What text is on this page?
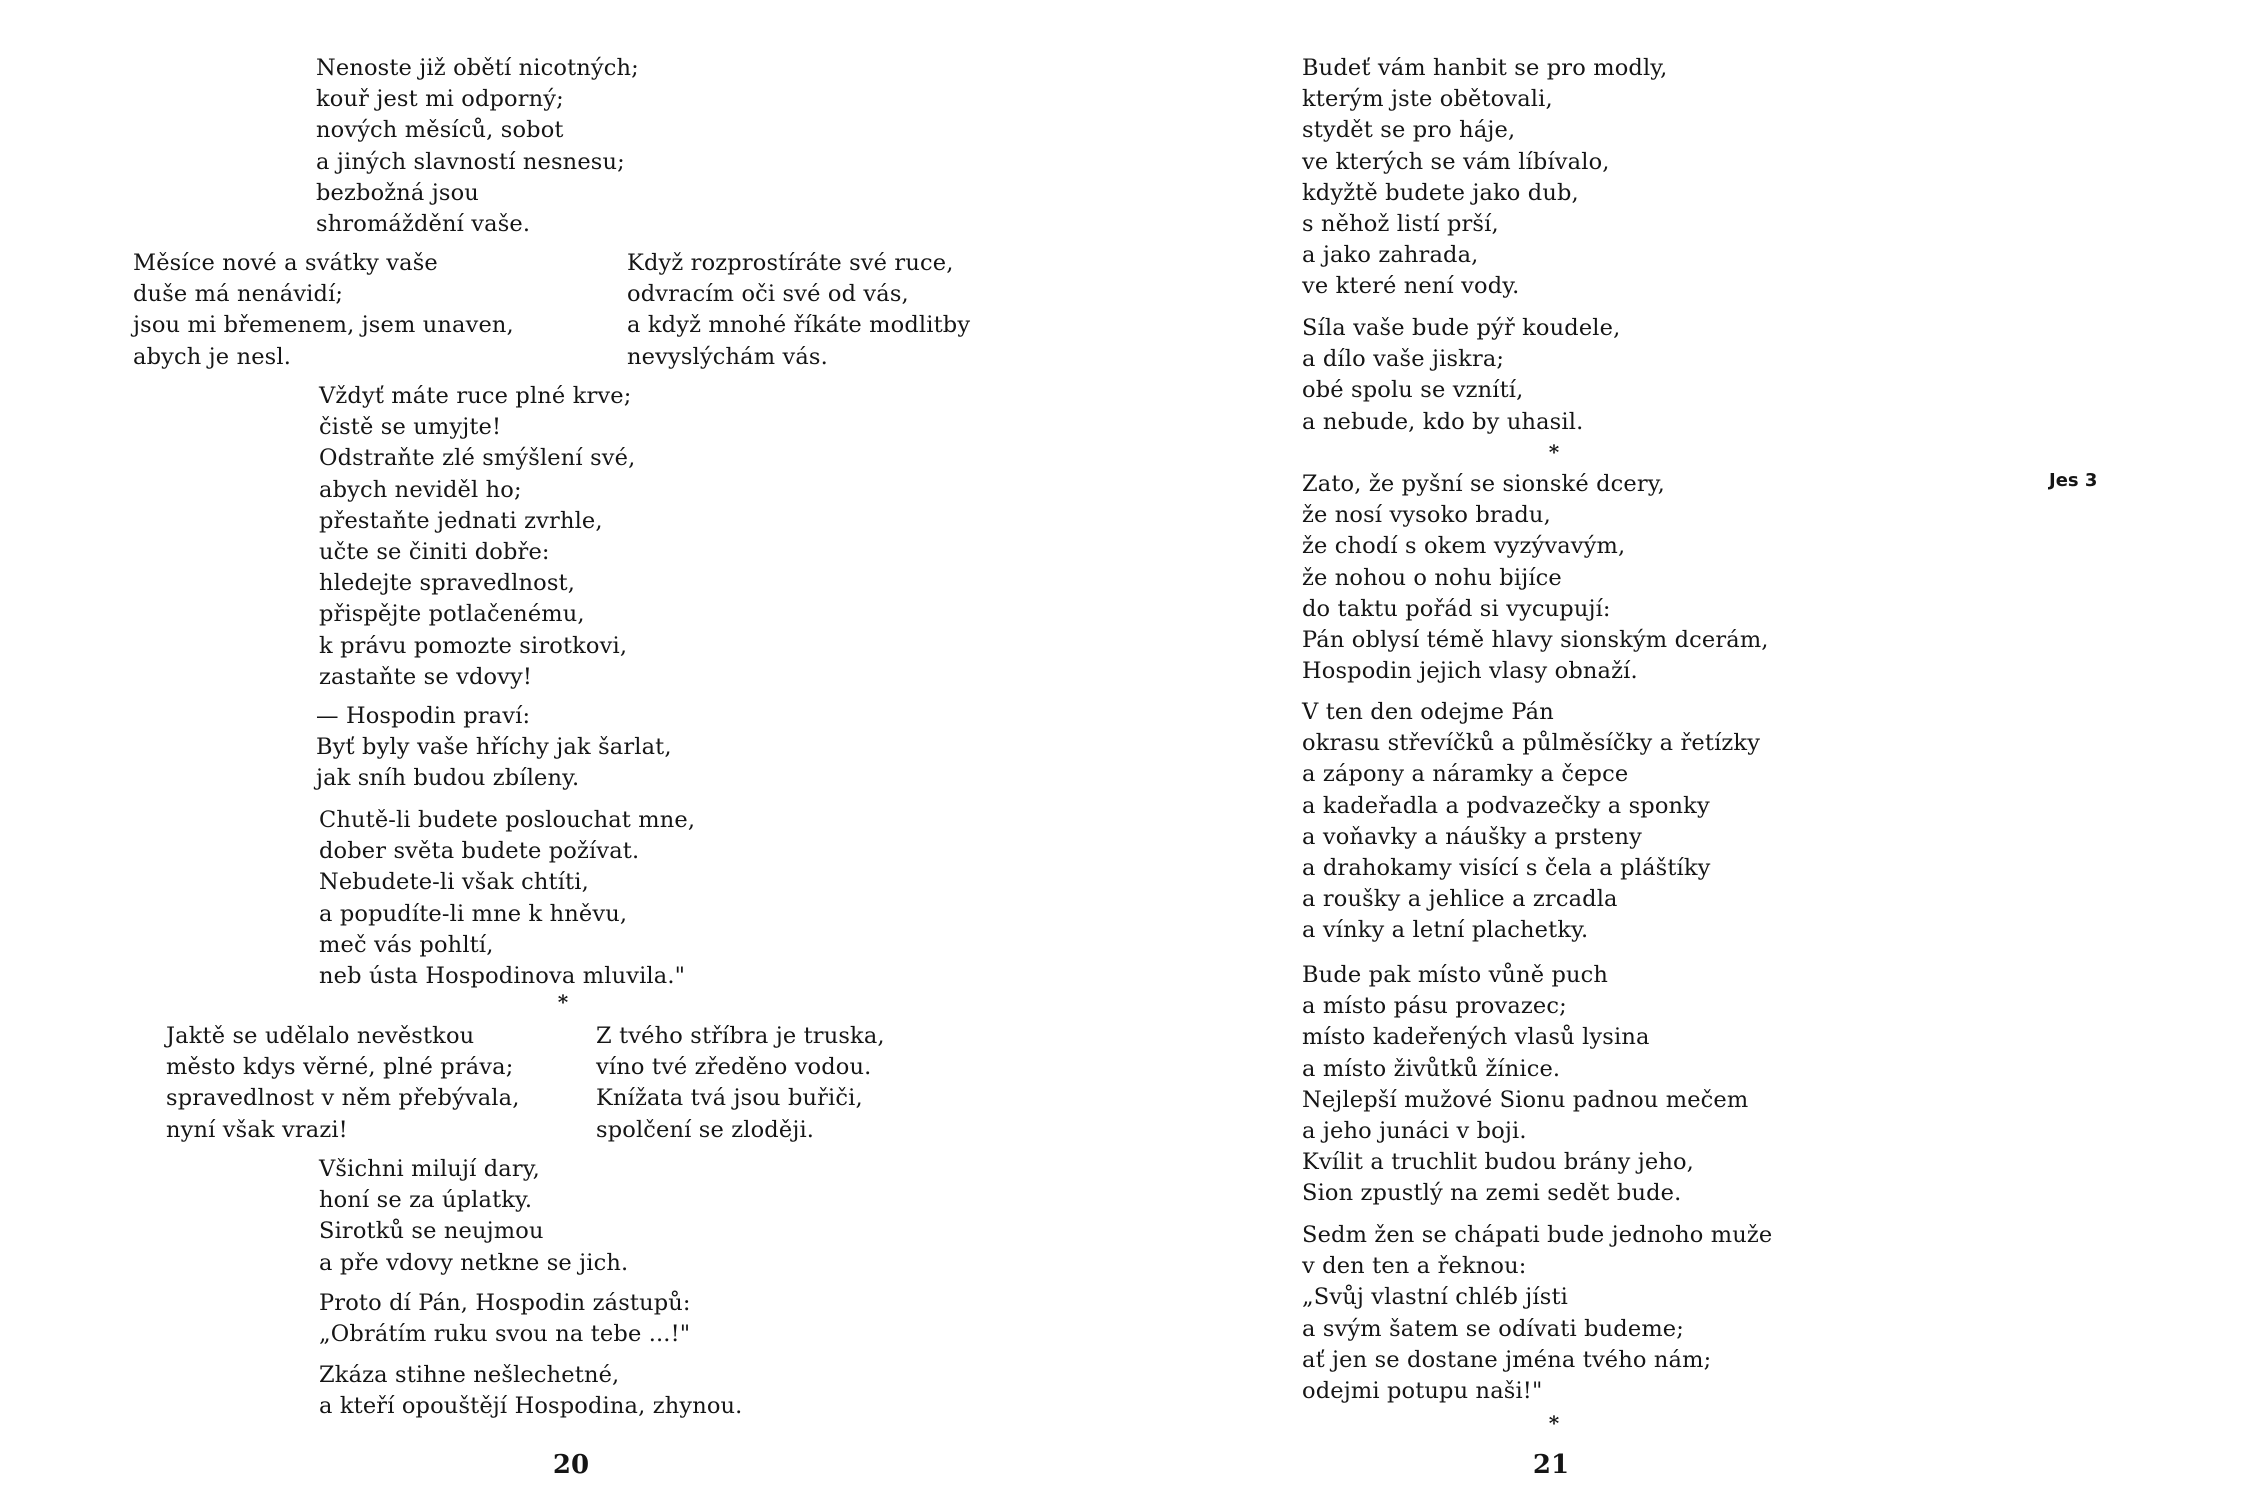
Nenoste již obětí nicotných;
kouř jest mi odporný;
nových měsíců, sobot
a jiných slavností nesnesu;
bezbožná jsou
shromáždění vaše.
Měsíce nové a svátky vaše
duše má nenávidí;
jsou mi břemenem, jsem unaven,
abych je nesl.
Když rozprostíráte své ruce,
odvracím oči své od vás,
a když mnohé říkáte modlitby
nevyslýchám vás.
Vždyť máte ruce plné krve;
čistě se umyjte!
Odstraňte zlé smýšlení své,
abych neviděl ho;
přestaňte jednati zvrhle,
učte se činiti dobře:
hledejte spravedlnost,
přispějte potlačenému,
k právu pomozte sirotkovi,
zastaňte se vdovy!
— Hospodin praví:
Byť byly vaše hříchy jak šarlat,
jak sníh budou zbíleny.
Chutě-li budete poslouchat mne,
dober světa budete požívat.
Nebudete-li však chtíti,
a popudíte-li mne k hněvu,
meč vás pohltí,
neb ústa Hospodinova mluvila."
*
Jaktě se udělalo nevěstkou
město kdys věrné, plné práva;
spravedlnost v něm přebývala,
nyní však vrazi!
Z tvého stříbra je truska,
víno tvé zředěno vodou.
Knížata tvá jsou buřiči,
spolčení se zloději.
Všichni milují dary,
honí se za úplatky.
Sirotků se neujmou
a pře vdovy netkne se jich.
Proto dí Pán, Hospodin zástupů:
„Obrátím ruku svou na tebe ...!"
Zkáza stihne nešlechetné,
a kteří opouštějí Hospodina, zhynou.
20
Budeť vám hanbit se pro modly,
kterým jste obětovali,
stydět se pro háje,
ve kterých se vám líbívalo,
kdyžtě budete jako dub,
s něhož listí prší,
a jako zahrada,
ve které není vody.
Síla vaše bude pýř koudele,
a dílo vaše jiskra;
obé spolu se vznítí,
a nebude, kdo by uhasil.
*
Zato, že pyšní se sionské dcery,
že nosí vysoko bradu,
že chodí s okem vyzývavým,
že nohou o nohu bijíce
do taktu pořád si vycupují:
Pán oblysí témě hlavy sionským dcerám,
Hospodin jejich vlasy obnaží.
Jes 3
V ten den odejme Pán
okrasu střevíčků a půlměsíčky a řetízky
a zápony a náramky a čepce
a kadeřadla a podvazečky a sponky
a voňavky a náušky a prsteny
a drahokamy visící s čela a pláštíky
a roušky a jehlice a zrcadla
a vínky a letní plachetky.
Bude pak místo vůně puch
a místo pásu provazec;
místo kadeřených vlasů lysina
a místo živůtků žínice.
Nejlepší mužové Sionu padnou mečem
a jeho junáci v boji.
Kvílit a truchlit budou brány jeho,
Sion zpustlý na zemi sedět bude.
Sedm žen se chápati bude jednoho muže
v den ten a řeknou:
„Svůj vlastní chléb jísti
a svým šatem se odívati budeme;
ať jen se dostane jména tvého nám;
odejmi potupu naši!"
*
21
